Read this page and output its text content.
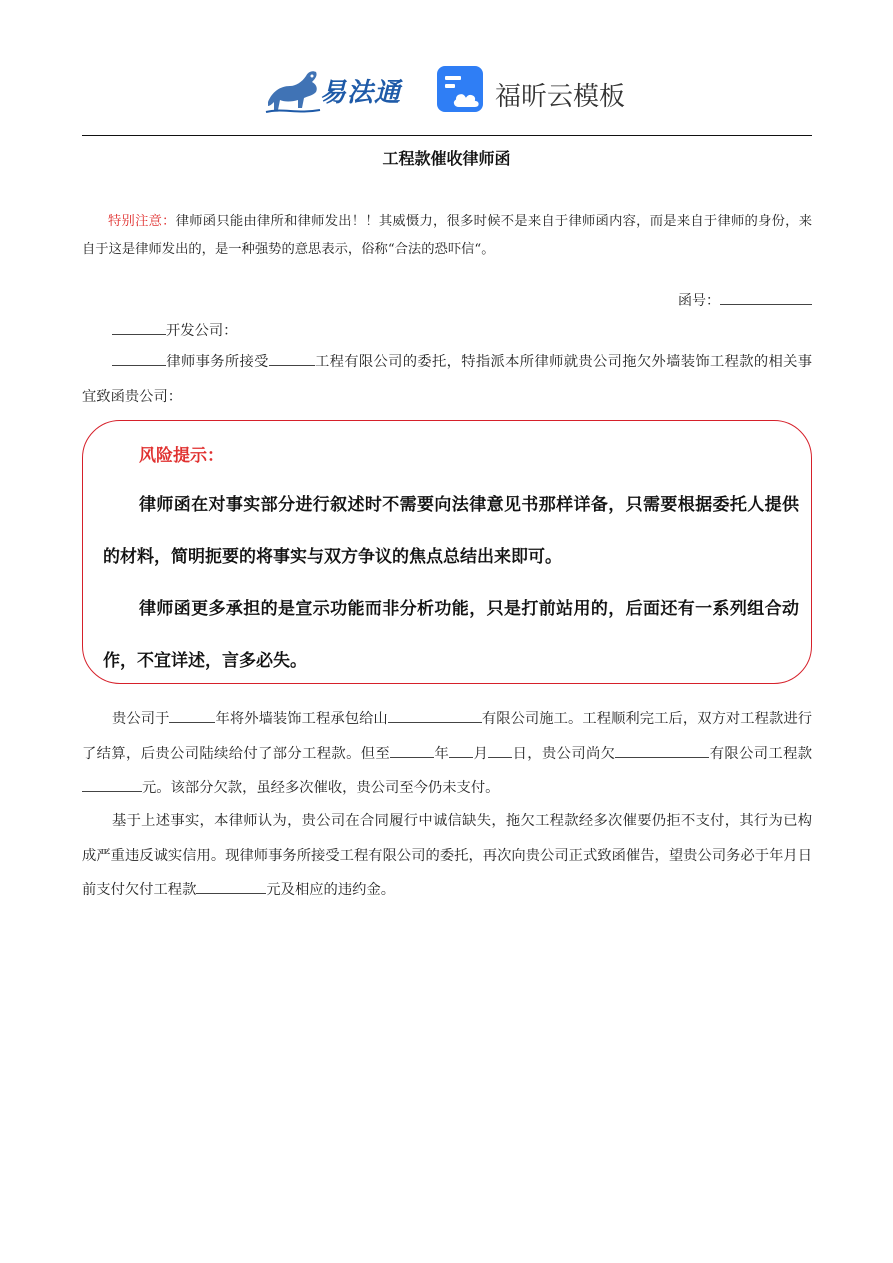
易法通	福昕云模板
工程款催收律师函
特别注意：律师函只能由律所和律师发出！！其威慑力，很多时候不是来自于律师函内容，而是来自于律师的身份，来自于这是律师发出的，是一种强势的意思表示，俗称“合法的恐吓信“。
函号：
开发公司：
律师事务所接受	工程有限公司的委托，特指派本所律师就贵公司拖欠外墙装饰工程款的相关事宜致函贵公司：
风险提示：
律师函在对事实部分进行叙述时不需要向法律意见书那样详备，只需要根据委托人提供的材料，简明扼要的将事实与双方争议的焦点总结出来即可。
律师函更多承担的是宣示功能而非分析功能，只是打前站用的，后面还有一系列组合动作，不宜详述，言多必失。
贵公司于	年将外墙装饰工程承包给山	有限公司施工。工程顺利完工后，双方对工程款进行了结算，后贵公司陆续给付了部分工程款。但至	年 月 日，贵公司尚欠	有限公司工程款元。该部分欠款，虽经多次催收，贵公司至今仍未支付。
基于上述事实，本律师认为，贵公司在合同履行中诚信缺失，拖欠工程款经多次催要仍拒不支付，其行为已构成严重违反诚实信用。现律师事务所接受工程有限公司的委托，再次向贵公司正式致函催告，望贵公司务必于年月日前支付欠付工程款	元及相应的违约金。
